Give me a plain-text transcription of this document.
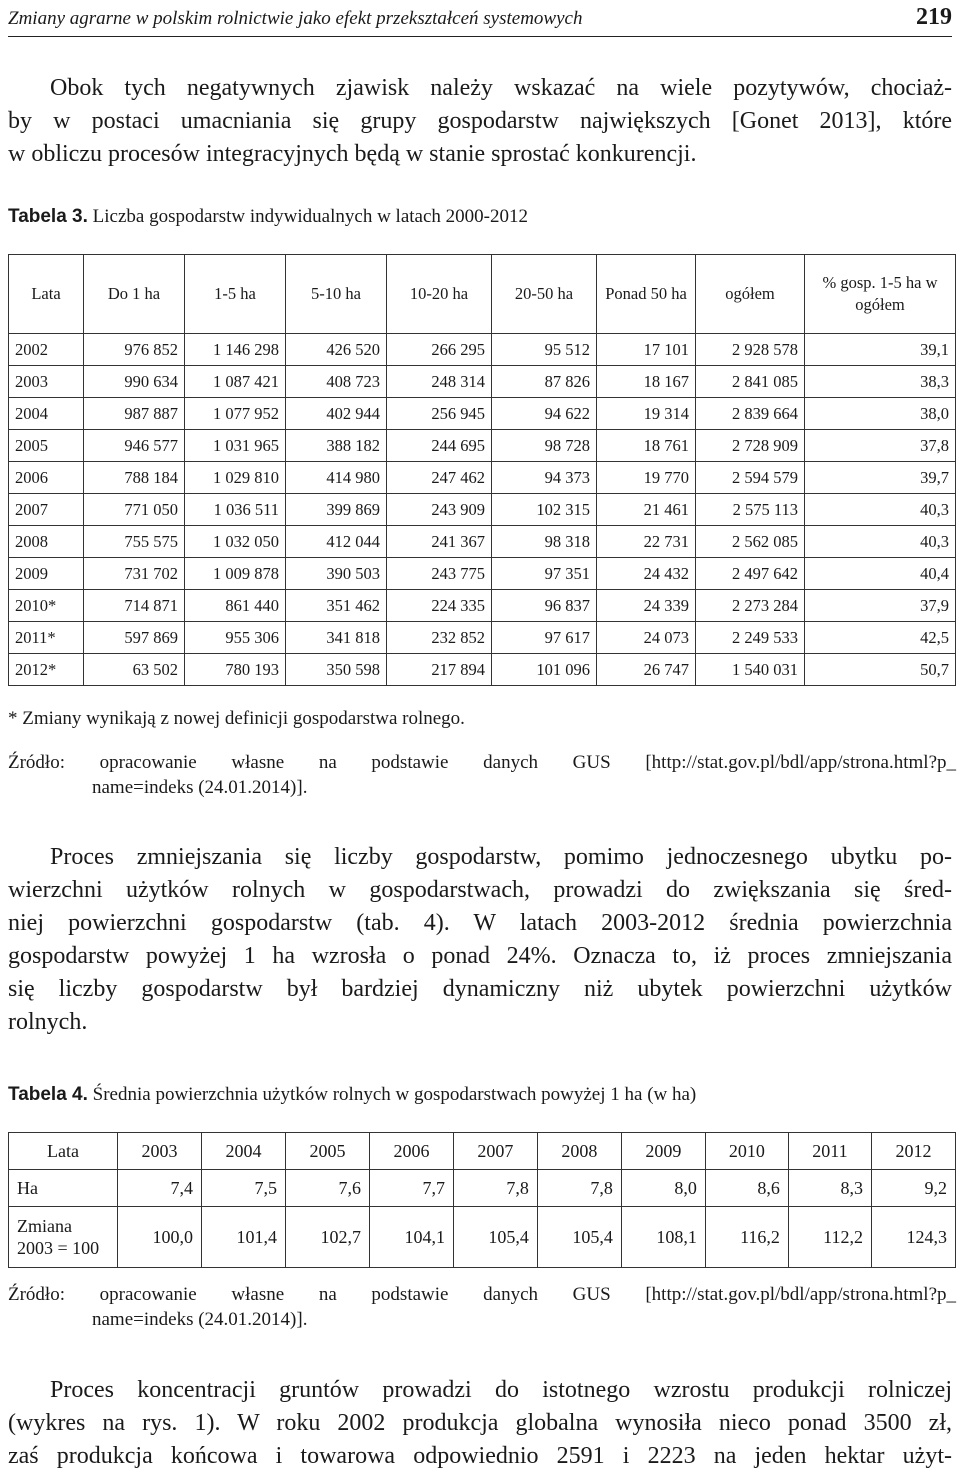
Zmiany agrarne w polskim rolnictwie jako efekt przekształceń systemowych	219
Obok tych negatywnych zjawisk należy wskazać na wiele pozytywów, chociaż-
by w postaci umacniania się grupy gospodarstw największych [Gonet 2013], które
w obliczu procesów integracyjnych będą w stanie sprostać konkurencji.
Tabela 3. Liczba gospodarstw indywidualnych w latach 2000-2012
Lata	Do 1 ha	1-5 ha	5-10 ha	10-20 ha	20-50 ha	Ponad 50 ha	ogółem	% gosp. 1-5 ha w ogółem
2002	976 852	1 146 298	426 520	266 295	95 512	17 101	2 928 578	39,1
2003	990 634	1 087 421	408 723	248 314	87 826	18 167	2 841 085	38,3
2004	987 887	1 077 952	402 944	256 945	94 622	19 314	2 839 664	38,0
2005	946 577	1 031 965	388 182	244 695	98 728	18 761	2 728 909	37,8
2006	788 184	1 029 810	414 980	247 462	94 373	19 770	2 594 579	39,7
2007	771 050	1 036 511	399 869	243 909	102 315	21 461	2 575 113	40,3
2008	755 575	1 032 050	412 044	241 367	98 318	22 731	2 562 085	40,3
2009	731 702	1 009 878	390 503	243 775	97 351	24 432	2 497 642	40,4
2010*	714 871	861 440	351 462	224 335	96 837	24 339	2 273 284	37,9
2011*	597 869	955 306	341 818	232 852	97 617	24 073	2 249 533	42,5
2012*	63 502	780 193	350 598	217 894	101 096	26 747	1 540 031	50,7
* Zmiany wynikają z nowej definicji gospodarstwa rolnego.
Źródło: opracowanie własne na podstawie danych GUS [http://stat.gov.pl/bdl/app/strona.html?p_
name=indeks (24.01.2014)].
Proces zmniejszania się liczby gospodarstw, pomimo jednoczesnego ubytku po-
wierzchni użytków rolnych w gospodarstwach, prowadzi do zwiększania się śred-
niej powierzchni gospodarstw (tab. 4). W latach 2003-2012 średnia powierzchnia
gospodarstw powyżej 1 ha wzrosła o ponad 24%. Oznacza to, iż proces zmniejszania
się liczby gospodarstw był bardziej dynamiczny niż ubytek powierzchni użytków
rolnych.
Tabela 4. Średnia powierzchnia użytków rolnych w gospodarstwach powyżej 1 ha (w ha)
Lata	2003	2004	2005	2006	2007	2008	2009	2010	2011	2012
Ha	7,4	7,5	7,6	7,7	7,8	7,8	8,0	8,6	8,3	9,2
Zmiana
2003 = 100	100,0	101,4	102,7	104,1	105,4	105,4	108,1	116,2	112,2	124,3
Źródło: opracowanie własne na podstawie danych GUS [http://stat.gov.pl/bdl/app/strona.html?p_
name=indeks (24.01.2014)].
Proces koncentracji gruntów prowadzi do istotnego wzrostu produkcji rolniczej
(wykres na rys. 1). W roku 2002 produkcja globalna wynosiła nieco ponad 3500 zł,
zaś produkcja końcowa i towarowa odpowiednio 2591 i 2223 na jeden hektar użyt-
